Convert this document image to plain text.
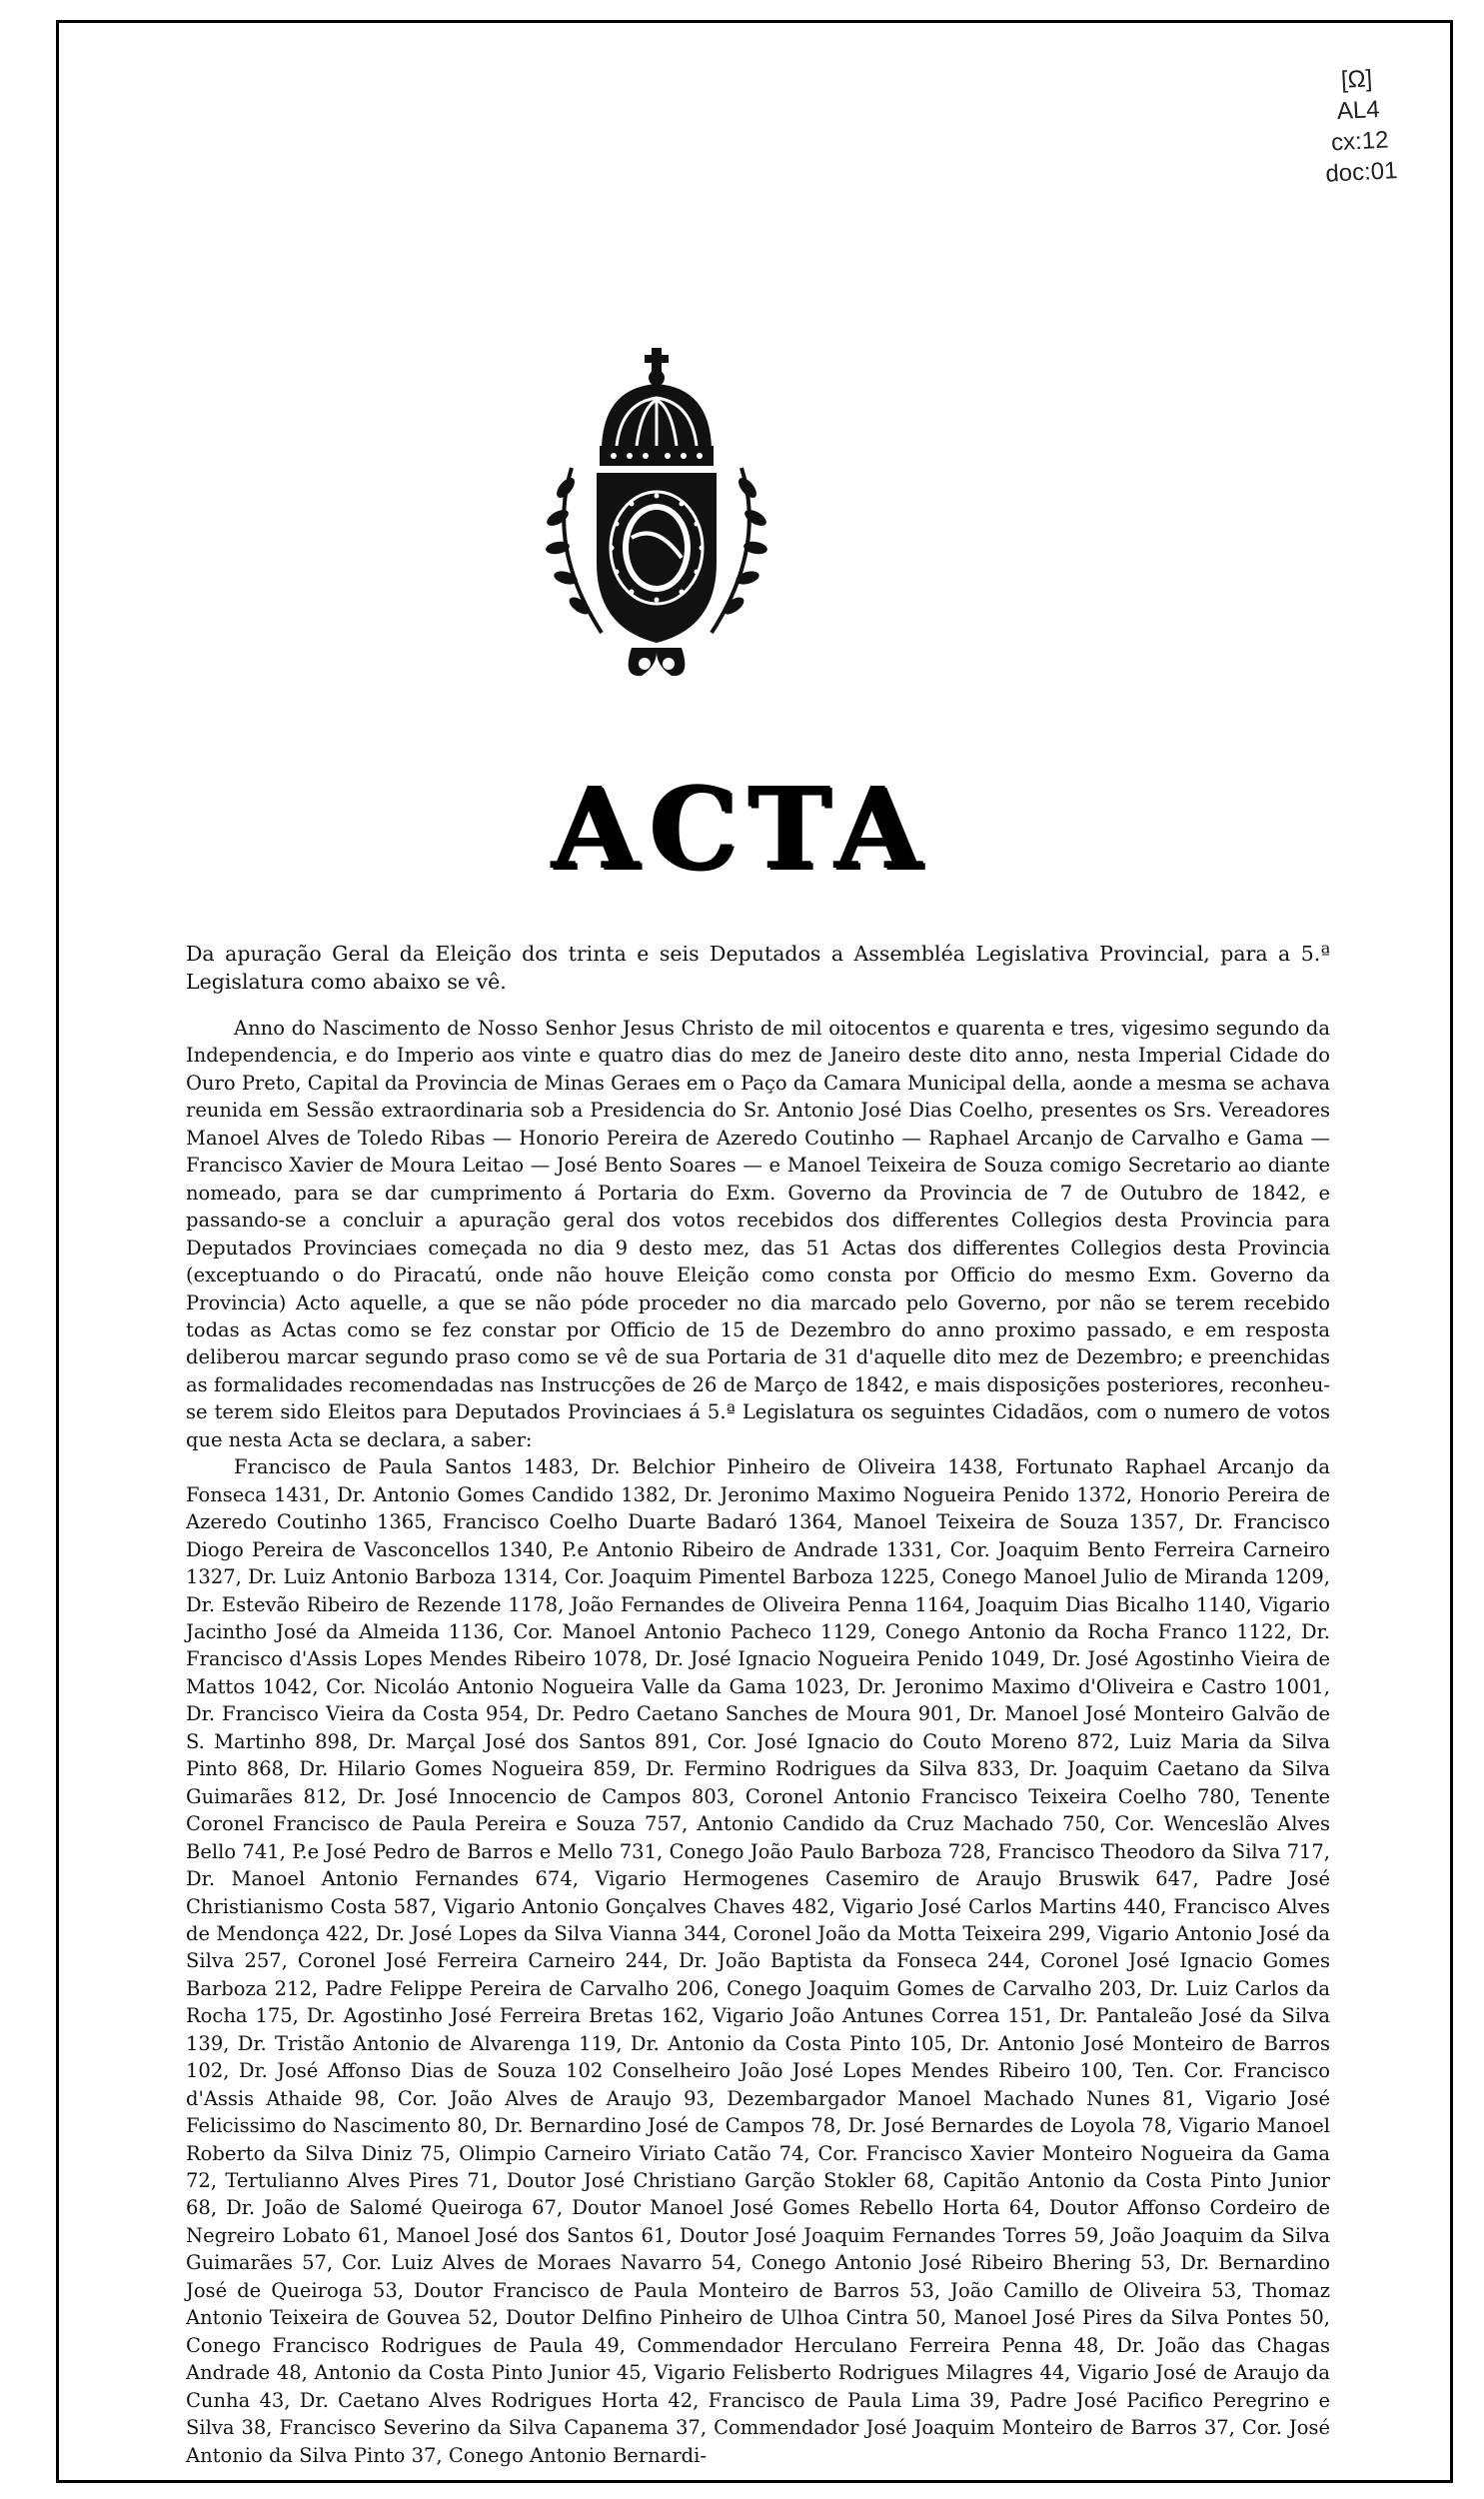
[Ω]
AL4
cx:12
doc:01
ACTA
Da apuração Geral da Eleição dos trinta e seis Deputados a Assembléa Legislativa Provincial, para a 5.ª Legislatura como abaixo se vê.

Anno do Nascimento de Nosso Senhor Jesus Christo de mil oitocentos e quarenta e tres, vigesimo segundo da Independencia, e do Imperio aos vinte e quatro dias do mez de Janeiro deste dito anno, nesta Imperial Cidade do Ouro Preto, Capital da Provincia de Minas Geraes em o Paço da Camara Municipal della, aonde a mesma se achava reunida em Sessão extraordinaria sob a Presidencia do Sr. Antonio José Dias Coelho, presentes os Srs. Vereadores Manoel Alves de Toledo Ribas — Honorio Pereira de Azeredo Coutinho — Raphael Arcanjo de Carvalho e Gama — Francisco Xavier de Moura Leitao — José Bento Soares — e Manoel Teixeira de Souza comigo Secretario ao diante nomeado, para se dar cumprimento á Portaria do Exm. Governo da Provincia de 7 de Outubro de 1842, e passando-se a concluir a apuração geral dos votos recebidos dos differentes Collegios desta Provincia para Deputados Provinciaes começada no dia 9 desto mez, das 51 Actas dos differentes Collegios desta Provincia (exceptuando o do Piracatú, onde não houve Eleição como consta por Officio do mesmo Exm. Governo da Provincia) Acto aquelle, a que se não póde proceder no dia marcado pelo Governo, por não se terem recebido todas as Actas como se fez constar por Officio de 15 de Dezembro do anno proximo passado, e em resposta deliberou marcar segundo praso como se vê de sua Portaria de 31 d'aquelle dito mez de Dezembro; e preenchidas as formalidades recomendadas nas Instrucções de 26 de Março de 1842, e mais disposições posteriores, reconheu-se terem sido Eleitos para Deputados Provinciaes á 5.ª Legislatura os seguintes Cidadãos, com o numero de votos que nesta Acta se declara, a saber:

Francisco de Paula Santos 1483, Dr. Belchior Pinheiro de Oliveira 1438, Fortunato Raphael Arcanjo da Fonseca 1431, Dr. Antonio Gomes Candido 1382, Dr. Jeronimo Maximo Nogueira Penido 1372, Honorio Pereira de Azeredo Coutinho 1365, Francisco Coelho Duarte Badaró 1364, Manoel Teixeira de Souza 1357, Dr. Francisco Diogo Pereira de Vasconcellos 1340, P.e Antonio Ribeiro de Andrade 1331, Cor. Joaquim Bento Ferreira Carneiro 1327, Dr. Luiz Antonio Barboza 1314, Cor. Joaquim Pimentel Barboza 1225, Conego Manoel Julio de Miranda 1209, Dr. Estevão Ribeiro de Rezende 1178, João Fernandes de Oliveira Penna 1164, Joaquim Dias Bicalho 1140, Vigario Jacintho José da Almeida 1136, Cor. Manoel Antonio Pacheco 1129, Conego Antonio da Rocha Franco 1122, Dr. Francisco d'Assis Lopes Mendes Ribeiro 1078, Dr. José Ignacio Nogueira Penido 1049, Dr. José Agostinho Vieira de Mattos 1042, Cor. Nicoláo Antonio Nogueira Valle da Gama 1023, Dr. Jeronimo Maximo d'Oliveira e Castro 1001, Dr. Francisco Vieira da Costa 954, Dr. Pedro Caetano Sanches de Moura 901, Dr. Manoel José Monteiro Galvão de S. Martinho 898, Dr. Marçal José dos Santos 891, Cor. José Ignacio do Couto Moreno 872, Luiz Maria da Silva Pinto 868, Dr. Hilario Gomes Nogueira 859, Dr. Fermino Rodrigues da Silva 833, Dr. Joaquim Caetano da Silva Guimarães 812, Dr. José Innocencio de Campos 803, Coronel Antonio Francisco Teixeira Coelho 780, Tenente Coronel Francisco de Paula Pereira e Souza 757, Antonio Candido da Cruz Machado 750, Cor. Wenceslão Alves Bello 741, P.e José Pedro de Barros e Mello 731, Conego João Paulo Barboza 728, Francisco Theodoro da Silva 717, Dr. Manoel Antonio Fernandes 674, Vigario Hermogenes Casemiro de Araujo Bruswik 647, Padre José Christianismo Costa 587, Vigario Antonio Gonçalves Chaves 482, Vigario José Carlos Martins 440, Francisco Alves de Mendonça 422, Dr. José Lopes da Silva Vianna 344, Coronel João da Motta Teixeira 299, Vigario Antonio José da Silva 257, Coronel José Ferreira Carneiro 244, Dr. João Baptista da Fonseca 244, Coronel José Ignacio Gomes Barboza 212, Padre Felippe Pereira de Carvalho 206, Conego Joaquim Gomes de Carvalho 203, Dr. Luiz Carlos da Rocha 175, Dr. Agostinho José Ferreira Bretas 162, Vigario João Antunes Correa 151, Dr. Pantaleão José da Silva 139, Dr. Tristão Antonio de Alvarenga 119, Dr. Antonio da Costa Pinto 105, Dr. Antonio José Monteiro de Barros 102, Dr. José Affonso Dias de Souza 102 Conselheiro João José Lopes Mendes Ribeiro 100, Ten. Cor. Francisco d'Assis Athaide 98, Cor. João Alves de Araujo 93, Dezembargador Manoel Machado Nunes 81, Vigario José Felicissimo do Nascimento 80, Dr. Bernardino José de Campos 78, Dr. José Bernardes de Loyola 78, Vigario Manoel Roberto da Silva Diniz 75, Olimpio Carneiro Viriato Catão 74, Cor. Francisco Xavier Monteiro Nogueira da Gama 72, Tertulianno Alves Pires 71, Doutor José Christiano Garção Stokler 68, Capitão Antonio da Costa Pinto Junior 68, Dr. João de Salomé Queiroga 67, Doutor Manoel José Gomes Rebello Horta 64, Doutor Affonso Cordeiro de Negreiro Lobato 61, Manoel José dos Santos 61, Doutor José Joaquim Fernandes Torres 59, João Joaquim da Silva Guimarães 57, Cor. Luiz Alves de Moraes Navarro 54, Conego Antonio José Ribeiro Bhering 53, Dr. Bernardino José de Queiroga 53, Doutor Francisco de Paula Monteiro de Barros 53, João Camillo de Oliveira 53, Thomaz Antonio Teixeira de Gouvea 52, Doutor Delfino Pinheiro de Ulhoa Cintra 50, Manoel José Pires da Silva Pontes 50, Conego Francisco Rodrigues de Paula 49, Commendador Herculano Ferreira Penna 48, Dr. João das Chagas Andrade 48, Antonio da Costa Pinto Junior 45, Vigario Felisberto Rodrigues Milagres 44, Vigario José de Araujo da Cunha 43, Dr. Caetano Alves Rodrigues Horta 42, Francisco de Paula Lima 39, Padre José Pacifico Peregrino e Silva 38, Francisco Severino da Silva Capanema 37, Commendador José Joaquim Monteiro de Barros 37, Cor. José Antonio da Silva Pinto 37, Conego Antonio Bernardi-
